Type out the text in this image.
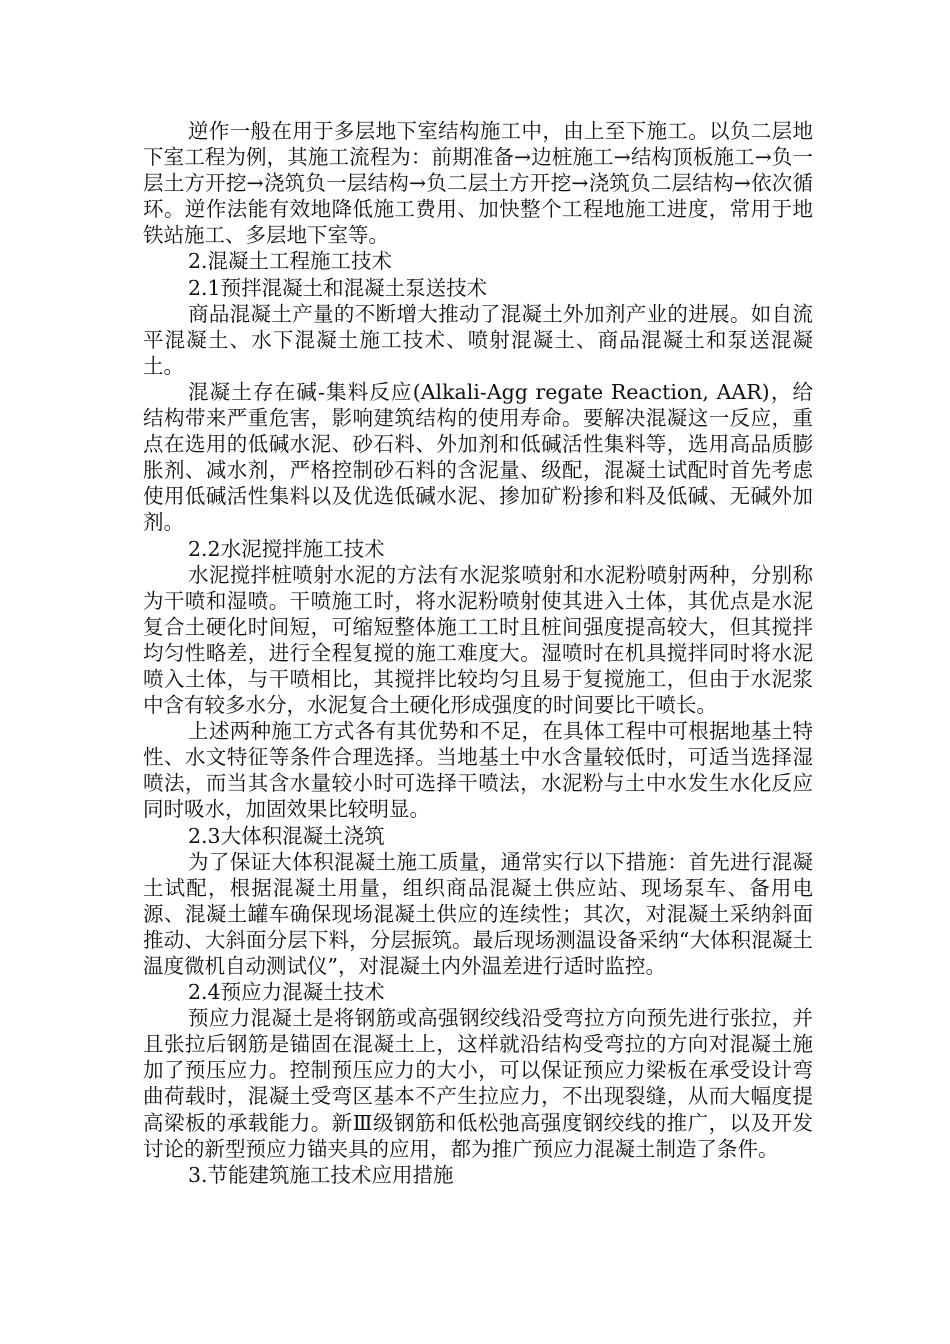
逆作一般在用于多层地下室结构施工中，由上至下施工。以负二层地下室工程为例，其施工流程为：前期准备→边桩施工→结构顶板施工→负一层土方开挖→浇筑负一层结构→负二层土方开挖→浇筑负二层结构→依次循环。逆作法能有效地降低施工费用、加快整个工程地施工进度，常用于地铁站施工、多层地下室等。

2.混凝土工程施工技术

2.1预拌混凝土和混凝土泵送技术

商品混凝土产量的不断增大推动了混凝土外加剂产业的进展。如自流平混凝土、水下混凝土施工技术、喷射混凝土、商品混凝土和泵送混凝土。

混凝土存在碱-集料反应(Alkali-Agg regate Reaction, AAR)，给结构带来严重危害，影响建筑结构的使用寿命。要解决混凝这一反应，重点在选用的低碱水泥、砂石料、外加剂和低碱活性集料等，选用高品质膨胀剂、减水剂，严格控制砂石料的含泥量、级配，混凝土试配时首先考虑使用低碱活性集料以及优选低碱水泥、掺加矿粉掺和料及低碱、无碱外加剂。

2.2水泥搅拌施工技术

水泥搅拌桩喷射水泥的方法有水泥浆喷射和水泥粉喷射两种，分别称为干喷和湿喷。干喷施工时，将水泥粉喷射使其进入土体，其优点是水泥复合土硬化时间短，可缩短整体施工工时且桩间强度提高较大，但其搅拌均匀性略差，进行全程复搅的施工难度大。湿喷时在机具搅拌同时将水泥喷入土体，与干喷相比，其搅拌比较均匀且易于复搅施工，但由于水泥浆中含有较多水分，水泥复合土硬化形成强度的时间要比干喷长。

上述两种施工方式各有其优势和不足，在具体工程中可根据地基土特性、水文特征等条件合理选择。当地基土中水含量较低时，可适当选择湿喷法，而当其含水量较小时可选择干喷法，水泥粉与土中水发生水化反应同时吸水，加固效果比较明显。

2.3大体积混凝土浇筑

为了保证大体积混凝土施工质量，通常实行以下措施：首先进行混凝土试配，根据混凝土用量，组织商品混凝土供应站、现场泵车、备用电源、混凝土罐车确保现场混凝土供应的连续性；其次，对混凝土采纳斜面推动、大斜面分层下料，分层振筑。最后现场测温设备采纳“大体积混凝土温度微机自动测试仪”，对混凝土内外温差进行适时监控。

2.4预应力混凝土技术

预应力混凝土是将钢筋或高强钢绞线沿受弯拉方向预先进行张拉，并且张拉后钢筋是锚固在混凝土上，这样就沿结构受弯拉的方向对混凝土施加了预压应力。控制预压应力的大小，可以保证预应力梁板在承受设计弯曲荷载时，混凝土受弯区基本不产生拉应力，不出现裂缝，从而大幅度提高梁板的承载能力。新Ⅲ级钢筋和低松弛高强度钢绞线的推广，以及开发讨论的新型预应力锚夹具的应用，都为推广预应力混凝土制造了条件。

3.节能建筑施工技术应用措施
